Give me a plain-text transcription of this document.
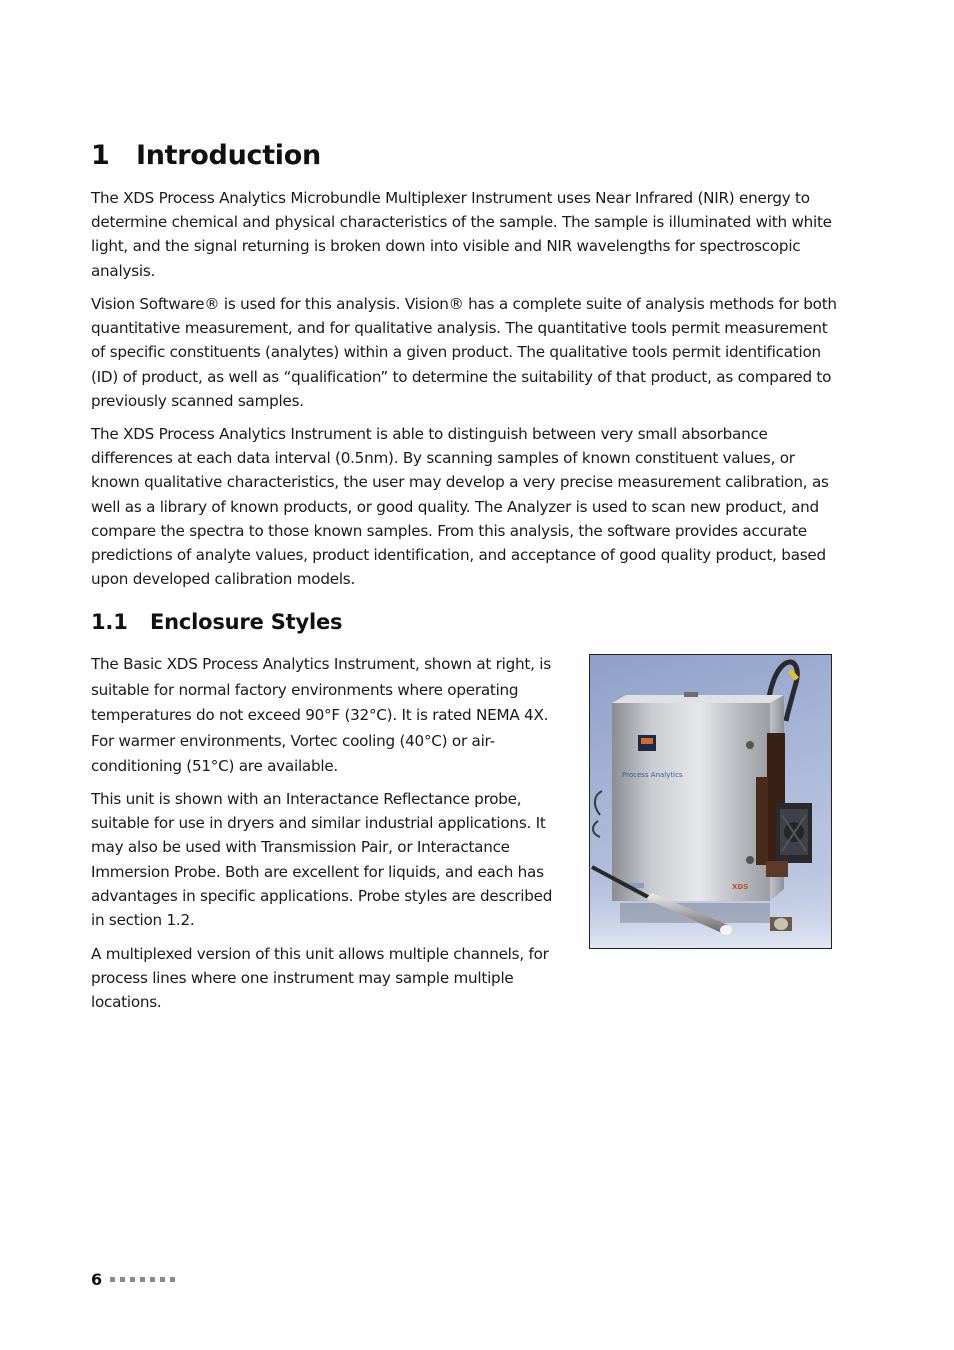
1 Introduction

The XDS Process Analytics Microbundle Multiplexer Instrument uses Near Infrared (NIR) energy to determine chemical and physical characteristics of the sample. The sample is illuminated with white light, and the signal returning is broken down into visible and NIR wavelengths for spectroscopic analysis.

Vision Software® is used for this analysis. Vision® has a complete suite of analysis methods for both quantitative measurement, and for qualitative analysis. The quantitative tools permit measurement of specific constituents (analytes) within a given product. The qualitative tools permit identification (ID) of product, as well as “qualification” to determine the suitability of that product, as compared to previously scanned samples.

The XDS Process Analytics Instrument is able to distinguish between very small absorbance differences at each data interval (0.5nm). By scanning samples of known constituent values, or known qualitative characteristics, the user may develop a very precise measurement calibration, as well as a library of known products, or good quality. The Analyzer is used to scan new product, and compare the spectra to those known samples. From this analysis, the software provides accurate predictions of analyte values, product identification, and acceptance of good quality product, based upon developed calibration models.

1.1 Enclosure Styles

The Basic XDS Process Analytics Instrument, shown at right, is suitable for normal factory environments where operating temperatures do not exceed 90°F (32°C). It is rated NEMA 4X. For warmer environments, Vortec cooling (40°C) or air-conditioning (51°C) are available.

This unit is shown with an Interactance Reflectance probe, suitable for use in dryers and similar industrial applications. It may also be used with Transmission Pair, or Interactance Immersion Probe. Both are excellent for liquids, and each has advantages in specific applications. Probe styles are described in section 1.2.

A multiplexed version of this unit allows multiple channels, for process lines where one instrument may sample multiple locations.

Process Analytics
XDS
6
